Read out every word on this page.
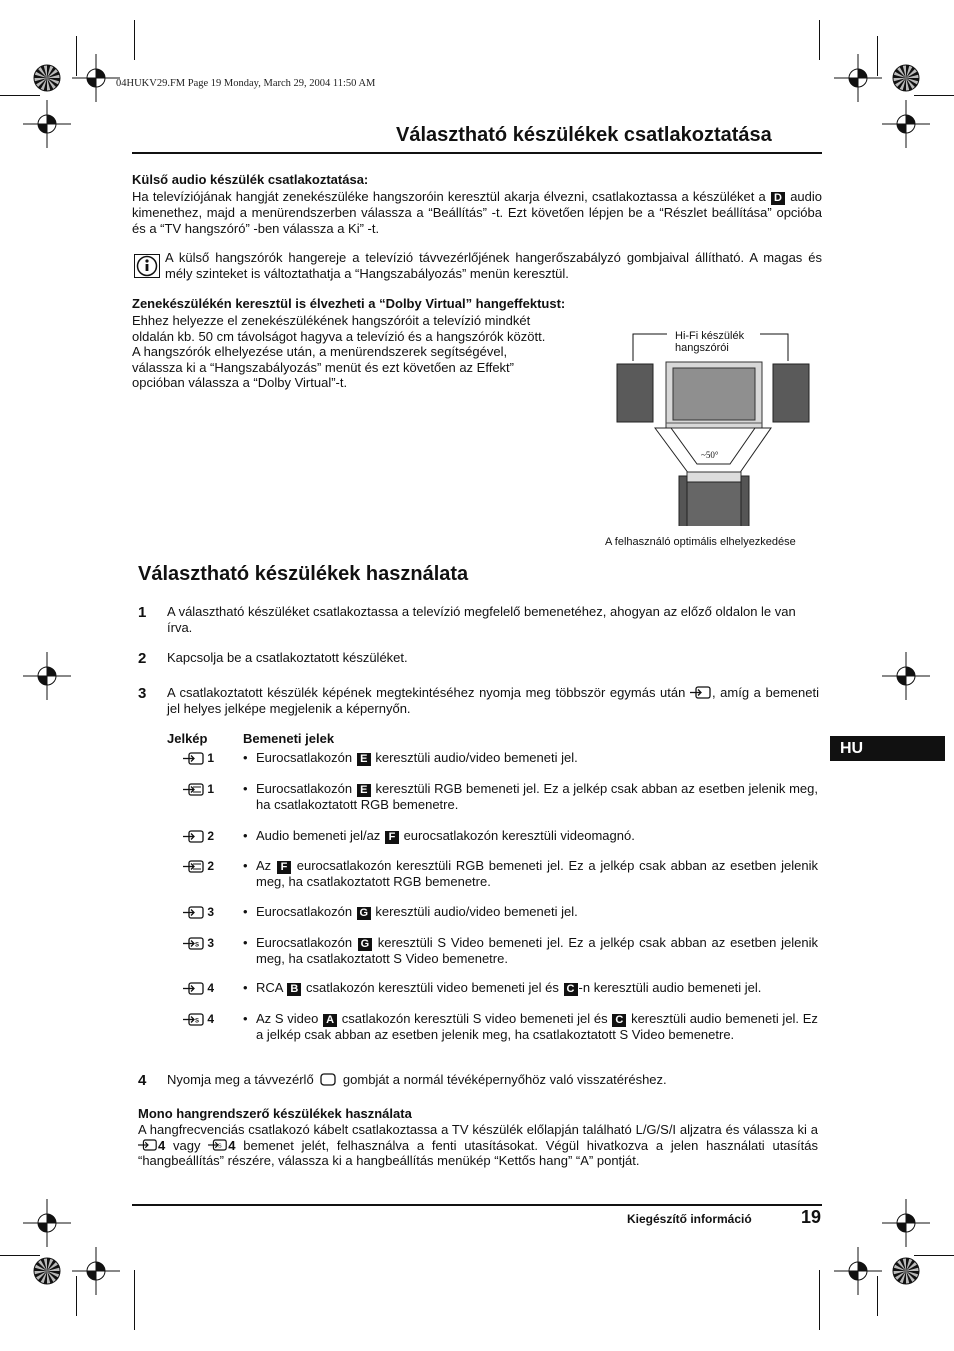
04HUKV29.FM Page 19 Monday, March 29, 2004 11:50 AM
Választható készülékek csatlakoztatása
Külső audio készülék csatlakoztatása:
Ha televíziójának hangját zenekészüléke hangszoróin keresztül akarja élvezni, csatlakoztassa a készüléket a D audio kimenethez, majd a menürendszerben válassza a “Beállítás” -t. Ezt követően lépjen be a “Részlet beállítása” opcióba és a “TV hangszóró” -ben válassza a Ki” -t.
A külső hangszórók hangereje a televízió távvezérlőjének hangerőszabályzó gombjaival állítható. A magas és mély szinteket is változtathatja a “Hangszabályozás” menün keresztül.
Zenekészülékén keresztül is élvezheti a “Dolby Virtual” hangeffektust:
Ehhez helyezze el zenekészülékének hangszóróit a televízió mindkét
oldalán kb. 50 cm távolságot hagyva a televízió és a hangszórók között.
A hangszórók elhelyezése után, a menürendszerek segítségével,
válassza ki a “Hangszabályozás” menüt és ezt követően az Effekt”
opcióban válassza a “Dolby Virtual”-t.
Hi-Fi készülék
hangszórói
~50°
A felhasználó optimális elhelyezkedése
Választható készülékek használata
1 A választható készüléket csatlakoztassa a televízió megfelelő bemenetéhez, ahogyan az előző oldalon le van írva.
2 Kapcsolja be a csatlakoztatott készüléket.
3 A csatlakoztatott készülék képének megtekintéséhez nyomja meg többször egymás után , amíg a bemeneti jel helyes jelképe megjelenik a képernyőn.
Jelkép	Bemeneti jelek
1 • Eurocsatlakozón E keresztüli audio/video bemeneti jel.
1 • Eurocsatlakozón E keresztüli RGB bemeneti jel. Ez a jelkép csak abban az esetben jelenik meg, ha csatlakoztatott RGB bemenetre.
2 • Audio bemeneti jel/az F eurocsatlakozón keresztüli videomagnó.
2 • Az F eurocsatlakozón keresztüli RGB bemeneti jel. Ez a jelkép csak abban az esetben jelenik meg, ha csatlakoztatott RGB bemenetre.
3 • Eurocsatlakozón G keresztüli audio/video bemeneti jel.
S 3 • Eurocsatlakozón G keresztüli S Video bemeneti jel. Ez a jelkép csak abban az esetben jelenik meg, ha csatlakoztatott S Video bemenetre.
4 • RCA B csatlakozón keresztüli video bemeneti jel és C -n keresztüli audio bemeneti jel.
S 4 • Az S video A csatlakozón keresztüli S video bemeneti jel és C keresztüli audio bemeneti jel. Ez a jelkép csak abban az esetben jelenik meg, ha csatlakoztatott S Video bemenetre.
4 Nyomja meg a távvezérlő gombját a normál tévéképernyőhöz való visszatéréshez.
Mono hangrendszerő készülékek használata
A hangfrecvenciás csatlakozó kábelt csatlakoztassa a TV készülék előlapján található L/G/S/I aljzatra és válassza ki a 4 vagy	S 4 bemenet jelét, felhasználva a fenti utasításokat. Végül hivatkozva a jelen használati utasítás “hangbeállítás” részére, válassza ki a hangbeállítás menükép “Kettős hang” “A” pontját.
HU
Kiegészítő információ	19
